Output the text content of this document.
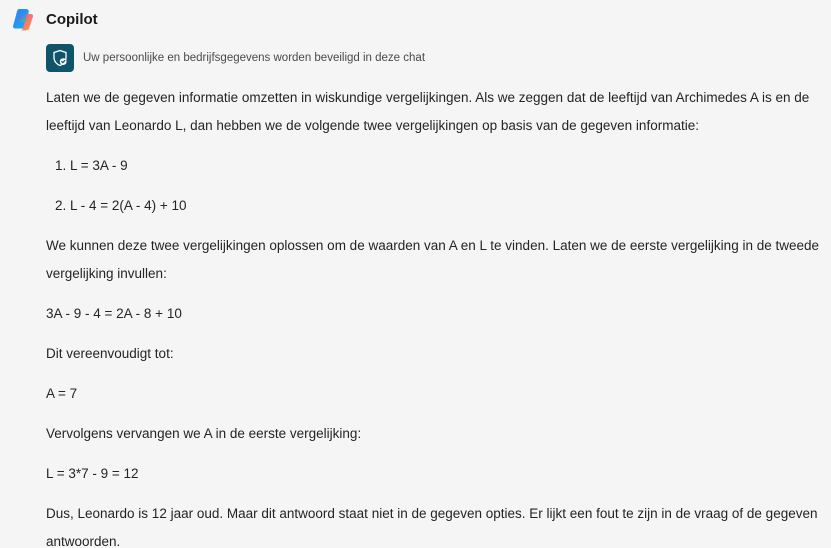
Copilot
Uw persoonlijke en bedrijfsgegevens worden beveiligd in deze chat

Laten we de gegeven informatie omzetten in wiskundige vergelijkingen. Als we zeggen dat de leeftijd van Archimedes A is en de leeftijd van Leonardo L, dan hebben we de volgende twee vergelijkingen op basis van de gegeven informatie:

1. L = 3A - 9
2. L - 4 = 2(A - 4) + 10

We kunnen deze twee vergelijkingen oplossen om de waarden van A en L te vinden. Laten we de eerste vergelijking in de tweede vergelijking invullen:

3A - 9 - 4 = 2A - 8 + 10

Dit vereenvoudigt tot:

A = 7

Vervolgens vervangen we A in de eerste vergelijking:

L = 3*7 - 9 = 12

Dus, Leonardo is 12 jaar oud. Maar dit antwoord staat niet in de gegeven opties. Er lijkt een fout te zijn in de vraag of de gegeven antwoorden.
